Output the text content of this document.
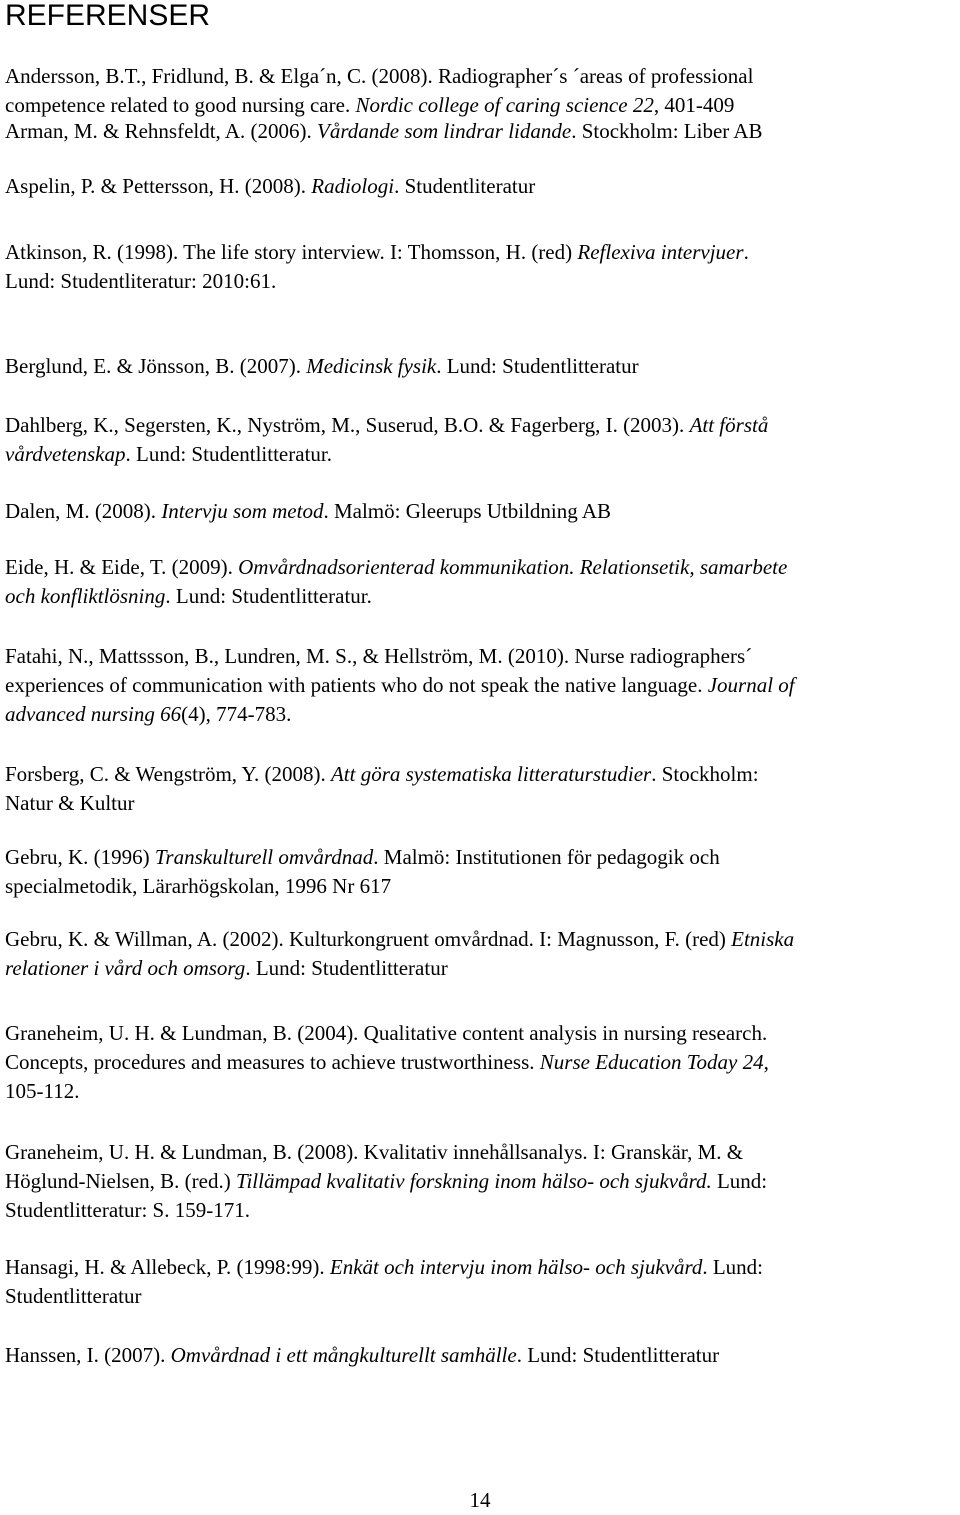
REFERENSER
Andersson, B.T., Fridlund, B. & Elga´n, C. (2008). Radiographer´s ´areas of professional
competence related to good nursing care. Nordic college of caring science 22, 401-409
Arman, M. & Rehnsfeldt, A. (2006). Vårdande som lindrar lidande. Stockholm: Liber AB
Aspelin, P. & Pettersson, H. (2008). Radiologi. Studentliteratur
Atkinson, R. (1998). The life story interview. I: Thomsson, H. (red) Reflexiva intervjuer.
Lund: Studentliteratur: 2010:61.
Berglund, E. & Jönsson, B. (2007). Medicinsk fysik. Lund: Studentlitteratur
Dahlberg, K., Segersten, K., Nyström, M., Suserud, B.O. & Fagerberg, I. (2003). Att förstå
vårdvetenskap. Lund: Studentlitteratur.
Dalen, M. (2008). Intervju som metod. Malmö: Gleerups Utbildning AB
Eide, H. & Eide, T. (2009). Omvårdnadsorienterad kommunikation. Relationsetik, samarbete
och konfliktlösning. Lund: Studentlitteratur.
Fatahi, N., Mattssson, B., Lundren, M. S., & Hellström, M. (2010). Nurse radiographers´
experiences of communication with patients who do not speak the native language. Journal of
advanced nursing 66(4), 774-783.
Forsberg, C. & Wengström, Y. (2008). Att göra systematiska litteraturstudier. Stockholm:
Natur & Kultur
Gebru, K. (1996) Transkulturell omvårdnad. Malmö: Institutionen för pedagogik och
specialmetodik, Lärarhögskolan, 1996 Nr 617
Gebru, K. & Willman, A. (2002). Kulturkongruent omvårdnad. I: Magnusson, F. (red) Etniska
relationer i vård och omsorg. Lund: Studentlitteratur
Graneheim, U. H. & Lundman, B. (2004). Qualitative content analysis in nursing research.
Concepts, procedures and measures to achieve trustworthiness. Nurse Education Today 24,
105-112.
Graneheim, U. H. & Lundman, B. (2008). Kvalitativ innehållsanalys. I: Granskär, M. &
Höglund-Nielsen, B. (red.) Tillämpad kvalitativ forskning inom hälso- och sjukvård. Lund:
Studentlitteratur: S. 159-171.
Hansagi, H. & Allebeck, P. (1998:99). Enkät och intervju inom hälso- och sjukvård. Lund:
Studentlitteratur
Hanssen, I. (2007). Omvårdnad i ett mångkulturellt samhälle. Lund: Studentlitteratur
14
